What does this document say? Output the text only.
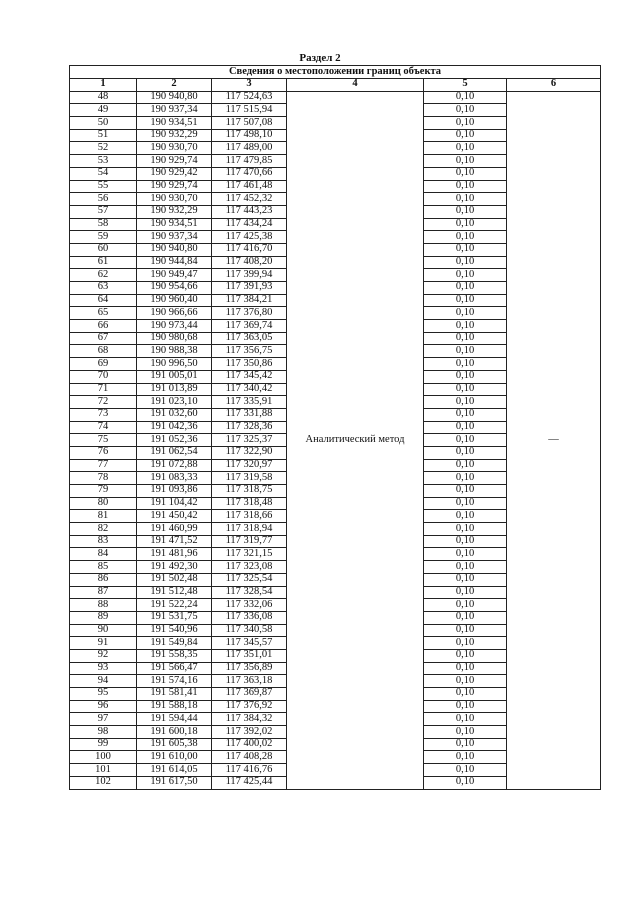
Раздел 2
Сведения о местоположении границ объекта					
1	2	3	4	5	6
48	190 940,80	117 524,63	Аналитический метод	0,10	—
49	190 937,34	117 515,94		0,10	
50	190 934,51	117 507,08		0,10	
51	190 932,29	117 498,10		0,10	
52	190 930,70	117 489,00		0,10	
53	190 929,74	117 479,85		0,10	
54	190 929,42	117 470,66		0,10	
55	190 929,74	117 461,48		0,10	
56	190 930,70	117 452,32		0,10	
57	190 932,29	117 443,23		0,10	
58	190 934,51	117 434,24		0,10	
59	190 937,34	117 425,38		0,10	
60	190 940,80	117 416,70		0,10	
61	190 944,84	117 408,20		0,10	
62	190 949,47	117 399,94		0,10	
63	190 954,66	117 391,93		0,10	
64	190 960,40	117 384,21		0,10	
65	190 966,66	117 376,80		0,10	
66	190 973,44	117 369,74		0,10	
67	190 980,68	117 363,05		0,10	
68	190 988,38	117 356,75		0,10	
69	190 996,50	117 350,86		0,10	
70	191 005,01	117 345,42		0,10	
71	191 013,89	117 340,42		0,10	
72	191 023,10	117 335,91		0,10	
73	191 032,60	117 331,88		0,10	
74	191 042,36	117 328,36		0,10	
75	191 052,36	117 325,37		0,10	
76	191 062,54	117 322,90		0,10	
77	191 072,88	117 320,97		0,10	
78	191 083,33	117 319,58		0,10	
79	191 093,86	117 318,75		0,10	
80	191 104,42	117 318,48		0,10	
81	191 450,42	117 318,66		0,10	
82	191 460,99	117 318,94		0,10	
83	191 471,52	117 319,77		0,10	
84	191 481,96	117 321,15		0,10	
85	191 492,30	117 323,08		0,10	
86	191 502,48	117 325,54		0,10	
87	191 512,48	117 328,54		0,10	
88	191 522,24	117 332,06		0,10	
89	191 531,75	117 336,08		0,10	
90	191 540,96	117 340,58		0,10	
91	191 549,84	117 345,57		0,10	
92	191 558,35	117 351,01		0,10	
93	191 566,47	117 356,89		0,10	
94	191 574,16	117 363,18		0,10	
95	191 581,41	117 369,87		0,10	
96	191 588,18	117 376,92		0,10	
97	191 594,44	117 384,32		0,10	
98	191 600,18	117 392,02		0,10	
99	191 605,38	117 400,02		0,10	
100	191 610,00	117 408,28		0,10	
101	191 614,05	117 416,76		0,10	
102	191 617,50	117 425,44		0,10	
